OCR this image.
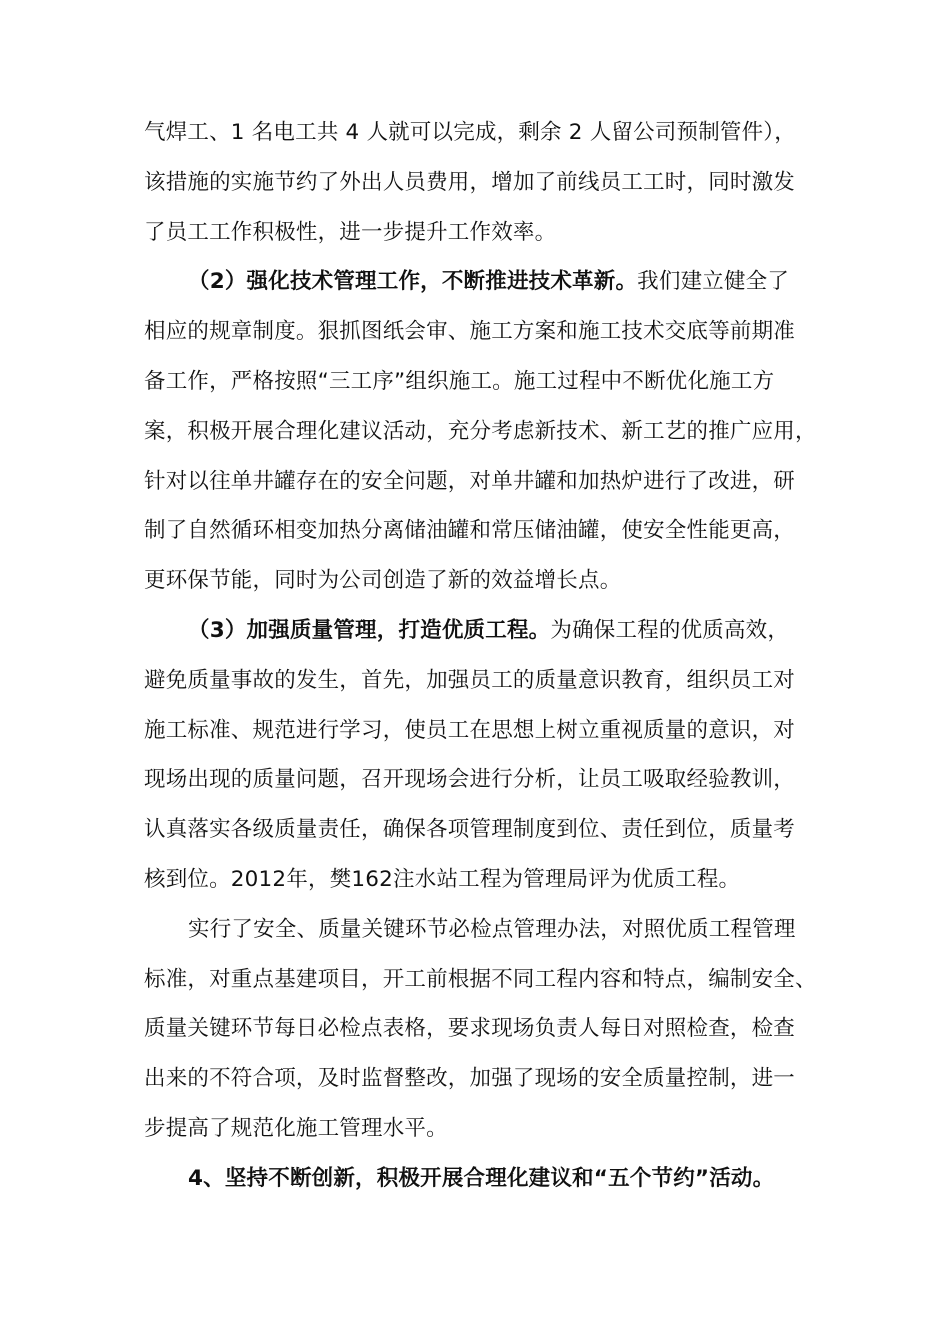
气焊工、1 名电工共 4 人就可以完成，剩余 2 人留公司预制管件），
该措施的实施节约了外出人员费用，增加了前线员工工时，同时激发
了员工工作积极性，进一步提升工作效率。
（2）强化技术管理工作，不断推进技术革新。我们建立健全了
相应的规章制度。狠抓图纸会审、施工方案和施工技术交底等前期准
备工作，严格按照“三工序”组织施工。施工过程中不断优化施工方
案，积极开展合理化建议活动，充分考虑新技术、新工艺的推广应用，
针对以往单井罐存在的安全问题，对单井罐和加热炉进行了改进，研
制了自然循环相变加热分离储油罐和常压储油罐，使安全性能更高，
更环保节能，同时为公司创造了新的效益增长点。
（3）加强质量管理，打造优质工程。为确保工程的优质高效，
避免质量事故的发生，首先，加强员工的质量意识教育，组织员工对
施工标准、规范进行学习，使员工在思想上树立重视质量的意识，对
现场出现的质量问题，召开现场会进行分析，让员工吸取经验教训，
认真落实各级质量责任，确保各项管理制度到位、责任到位，质量考
核到位。2012年，樊162注水站工程为管理局评为优质工程。
实行了安全、质量关键环节必检点管理办法，对照优质工程管理
标准，对重点基建项目，开工前根据不同工程内容和特点，编制安全、
质量关键环节每日必检点表格，要求现场负责人每日对照检查，检查
出来的不符合项，及时监督整改，加强了现场的安全质量控制，进一
步提高了规范化施工管理水平。
4、坚持不断创新，积极开展合理化建议和“五个节约”活动。
